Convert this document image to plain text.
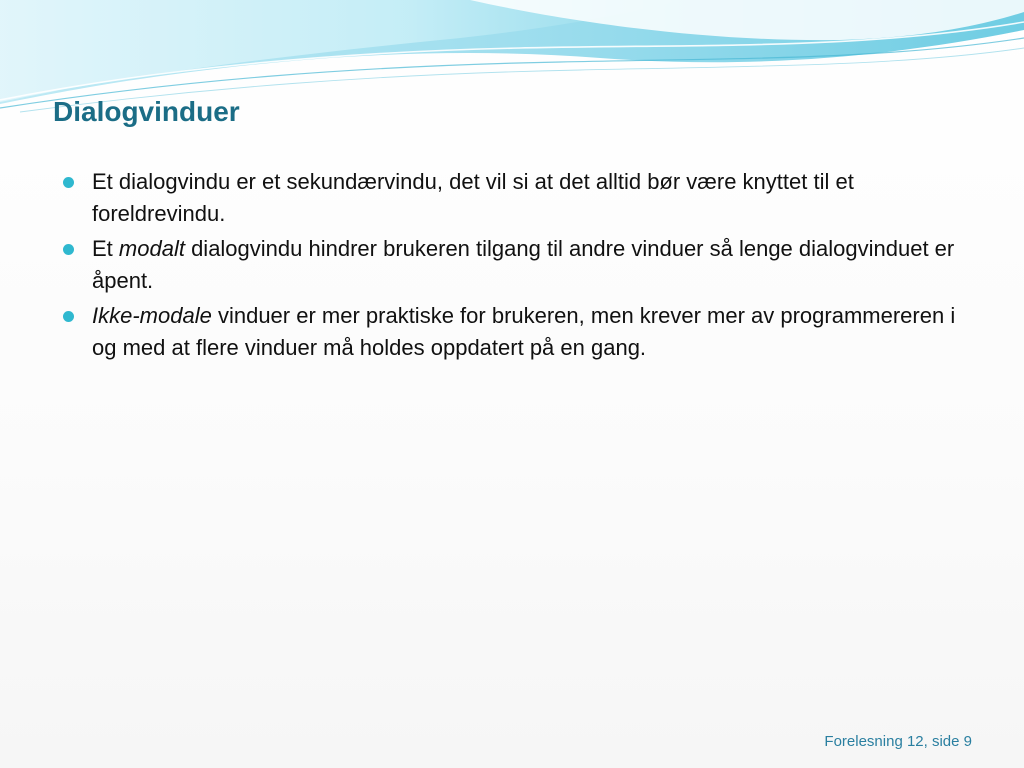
Dialogvinduer
Et dialogvindu er et sekundærvindu, det vil si at det alltid bør være knyttet til et foreldrevindu.
Et modalt dialogvindu hindrer brukeren tilgang til andre vinduer så lenge dialogvinduet er åpent.
Ikke-modale vinduer er mer praktiske for brukeren, men krever mer av programmereren i og med at flere vinduer må holdes oppdatert på en gang.
Forelesning 12, side 9
